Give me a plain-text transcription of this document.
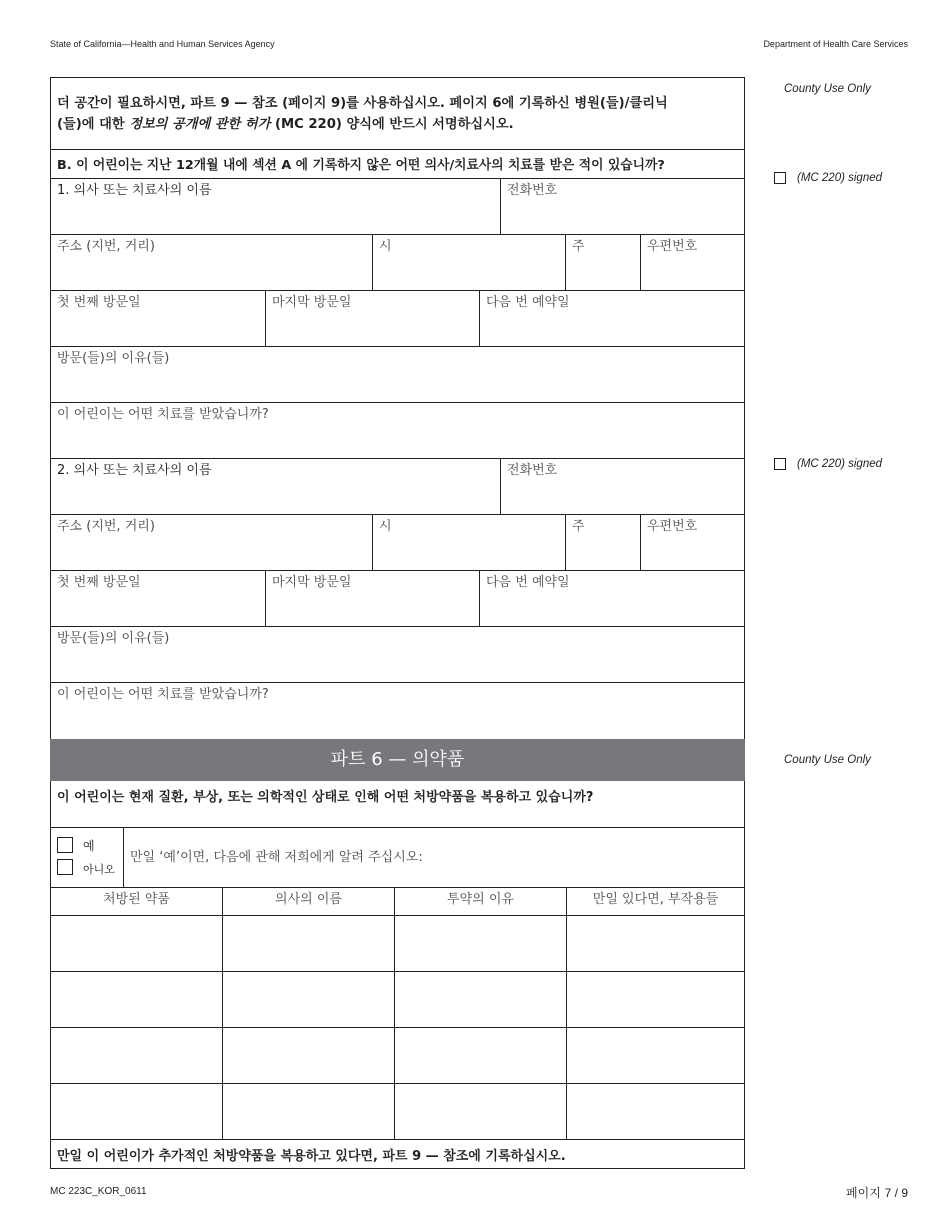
State of California—Health and Human Services Agency	Department of Health Care Services
더 공간이 필요하시면, 파트 9 — 참조 (페이지 9)를 사용하십시오. 페이지 6에 기록하신 병원(들)/클리닉
(들)에 대한 정보의 공개에 관한 허가 (MC 220) 양식에 반드시 서명하십시오.
B. 이 어린이는 지난 12개월 내에 섹션 A 에 기록하지 않은 어떤 의사/치료사의 치료를 받은 적이 있습니까?
1. 의사 또는 치료사의 이름	전화번호
주소 (지번, 거리)	시	주	우편번호
첫 번째 방문일	마지막 방문일	다음 번 예약일
방문(들)의 이유(들)
이 어린이는 어떤 치료를 받았습니까?
2. 의사 또는 치료사의 이름	전화번호
주소 (지번, 거리)	시	주	우편번호
첫 번째 방문일	마지막 방문일	다음 번 예약일
방문(들)의 이유(들)
이 어린이는 어떤 치료를 받았습니까?
파트 6 — 의약품
이 어린이는 현재 질환, 부상, 또는 의학적인 상태로 인해 어떤 처방약품을 복용하고 있습니까?
예
아니오
만일 ‘예’이면, 다음에 관해 저희에게 알려 주십시오:
처방된 약품	의사의 이름	투약의 이유	만일 있다면, 부작용들
만일 이 어린이가 추가적인 처방약품을 복용하고 있다면, 파트 9 — 참조에 기록하십시오.
County Use Only
(MC 220) signed
(MC 220) signed
County Use Only
MC 223C_KOR_0611	페이지 7 / 9
